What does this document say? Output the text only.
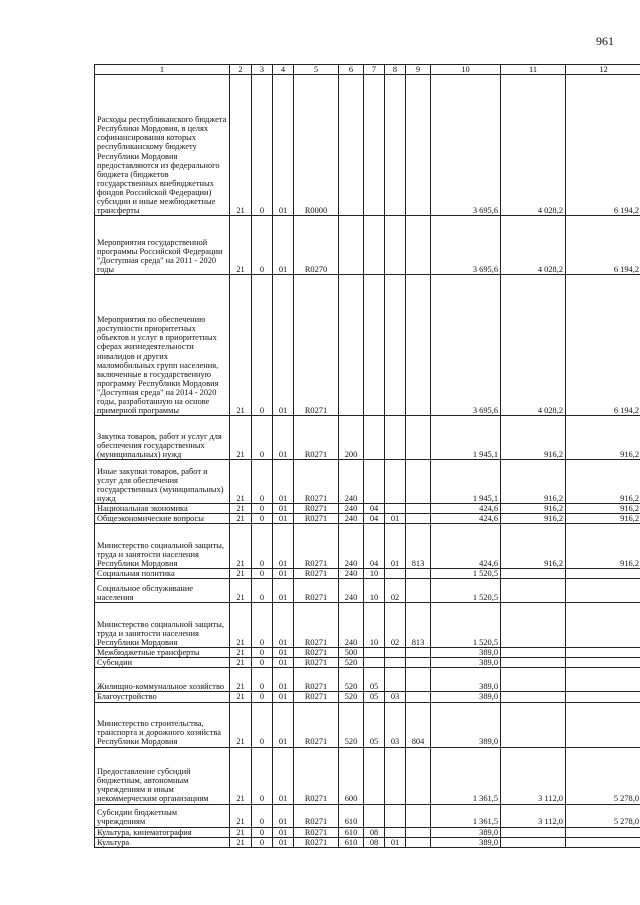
961
1	2	3	4	5	6	7	8	9	10	11	12
Расходы республиканского бюджета Республики Мордовия, в целях софинансирования которых республиканскому бюджету Республики Мордовия предоставляются из федерального бюджета (бюджетов государственных внебюджетных фондов Российской Федерации) субсидии и иные межбюджетные трансферты	21	0	01	R0000					3 695,6	4 028,2	6 194,2
Мероприятия государственной программы Российской Федерации "Доступная среда" на 2011 - 2020 годы	21	0	01	R0270					3 695,6	4 028,2	6 194,2
Мероприятия по обеспечению доступности приоритетных объектов и услуг в приоритетных сферах жизнедеятельности инвалидов и других маломобильных групп населения, включенные в государственную программу Республики Мордовия "Доступная среда" на 2014 - 2020 годы, разработанную на основе примерной программы	21	0	01	R0271					3 695,6	4 028,2	6 194,2
Закупка товаров, работ и услуг для обеспечения государственных (муниципальных) нужд	21	0	01	R0271	200				1 945,1	916,2	916,2
Иные закупки товаров, работ и услуг для обеспечения государственных (муниципальных) нужд	21	0	01	R0271	240				1 945,1	916,2	916,2
Национальная экономика	21	0	01	R0271	240	04			424,6	916,2	916,2
Общеэкономические вопросы	21	0	01	R0271	240	04	01		424,6	916,2	916,2
Министерство социальной защиты, труда и занятости населения Республики Мордовия	21	0	01	R0271	240	04	01	813	424,6	916,2	916,2
Социальная политика	21	0	01	R0271	240	10			1 520,5		
Социальное обслуживание населения	21	0	01	R0271	240	10	02		1 520,5		
Министерство социальной защиты, труда и занятости населения Республики Мордовия	21	0	01	R0271	240	10	02	813	1 520,5		
Межбюджетные трансферты	21	0	01	R0271	500				389,0		
Субсидии	21	0	01	R0271	520				389,0		
Жилищно-коммунальное хозяйство	21	0	01	R0271	520	05			389,0		
Благоустройство	21	0	01	R0271	520	05	03		389,0		
Министерство строительства, транспорта и дорожного хозяйства Республики Мордовия	21	0	01	R0271	520	05	03	804	389,0		
Предоставление субсидий бюджетным, автономным учреждениям и иным некоммерческим организациям	21	0	01	R0271	600				1 361,5	3 112,0	5 278,0
Субсидии бюджетным учреждениям	21	0	01	R0271	610				1 361,5	3 112,0	5 278,0
Культура, кинематография	21	0	01	R0271	610	08			389,0		
Культура	21	0	01	R0271	610	08	01		389,0		
